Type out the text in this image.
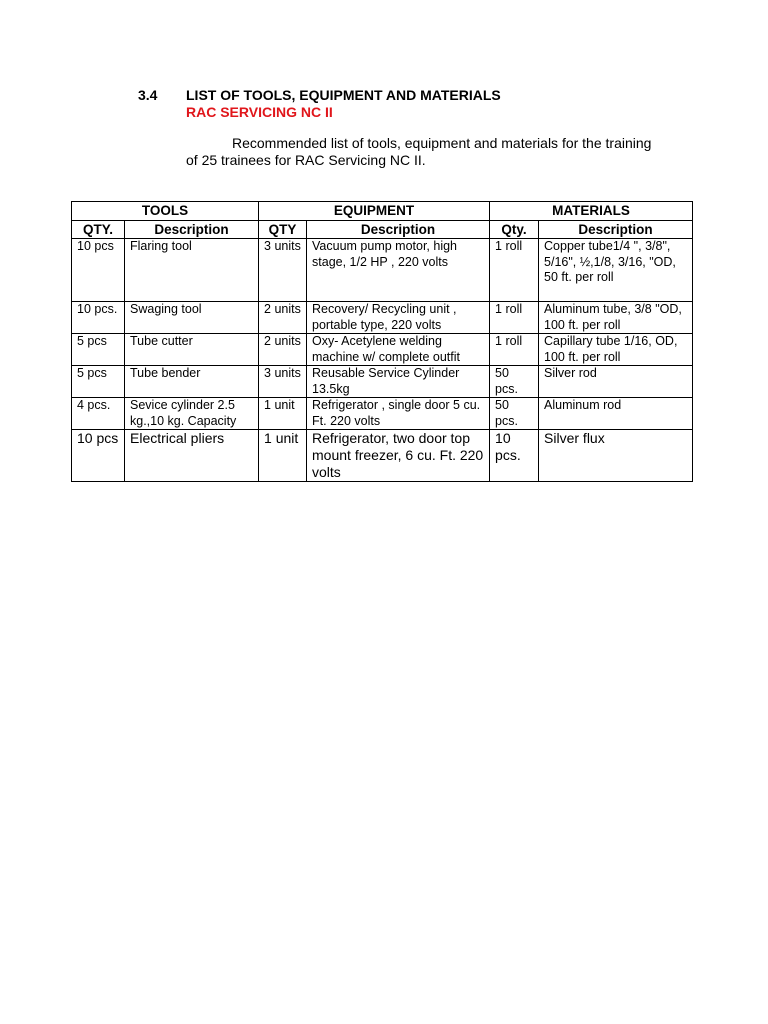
3.4 LIST OF TOOLS, EQUIPMENT AND MATERIALS
RAC SERVICING NC II
Recommended list of tools, equipment and materials for the training of 25 trainees for RAC Servicing NC II.
TOOLS		EQUIPMENT		MATERIALS	
QTY.	Description	QTY	Description	Qty.	Description
10 pcs	Flaring tool	3 units	Vacuum pump motor, high stage, 1/2 HP , 220 volts	1 roll	Copper tube1/4 ", 3/8", 5/16", ½,1/8, 3/16, "OD, 50 ft. per roll
10 pcs.	Swaging tool	2 units	Recovery/ Recycling unit , portable type, 220 volts	1 roll	Aluminum tube, 3/8 "OD, 100 ft. per roll
5 pcs	Tube cutter	2 units	Oxy- Acetylene welding machine w/ complete outfit	1 roll	Capillary tube 1/16, OD, 100 ft. per roll
5 pcs	Tube bender	3 units	Reusable Service Cylinder 13.5kg	50 pcs.	Silver rod
4 pcs.	Sevice cylinder 2.5 kg.,10 kg. Capacity	1 unit	Refrigerator , single door 5 cu. Ft. 220 volts	50 pcs.	Aluminum rod
10 pcs	Electrical pliers	1 unit	Refrigerator, two door top mount freezer, 6 cu. Ft. 220 volts	10 pcs.	Silver flux
